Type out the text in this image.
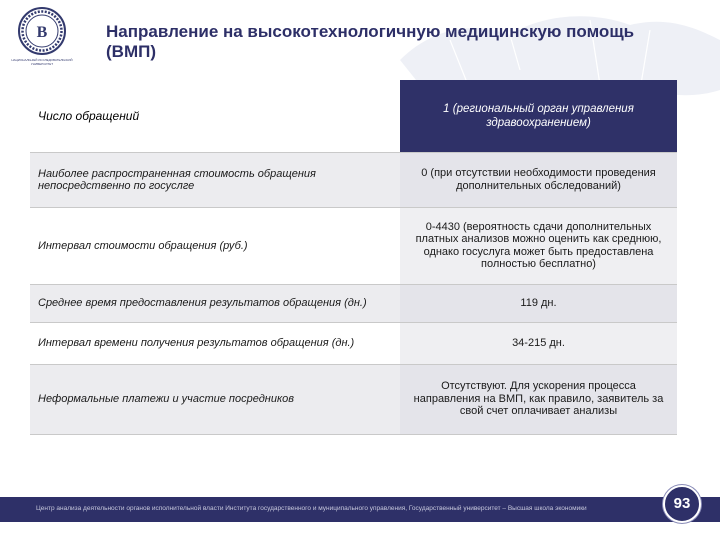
В
НАЦИОНАЛЬНЫЙ ИССЛЕДОВАТЕЛЬСКИЙ УНИВЕРСИТЕТ
Направление на высокотехнологичную медицинскую помощь (ВМП)
Число обращений	1 (региональный орган управления здравоохранением)
Наиболее распространенная стоимость обращения непосредственно по госуслге	0 (при отсутствии необходимости проведения дополнительных обследований)
Интервал стоимости обращения (руб.)	0-4430 (вероятность сдачи дополнительных платных анализов можно оценить как среднюю, однако госуслуга может быть предоставлена полностью бесплатно)
Среднее время предоставления результатов обращения (дн.)	119 дн.
Интервал времени получения результатов обращения (дн.)	34-215 дн.
Неформальные платежи и участие посредников	Отсутствуют. Для ускорения процесса направления на ВМП, как правило, заявитель за свой счет оплачивает анализы
Центр анализа деятельности органов исполнительной власти Института государственного и муниципального управления, Государственный университет – Высшая школа экономики	93
